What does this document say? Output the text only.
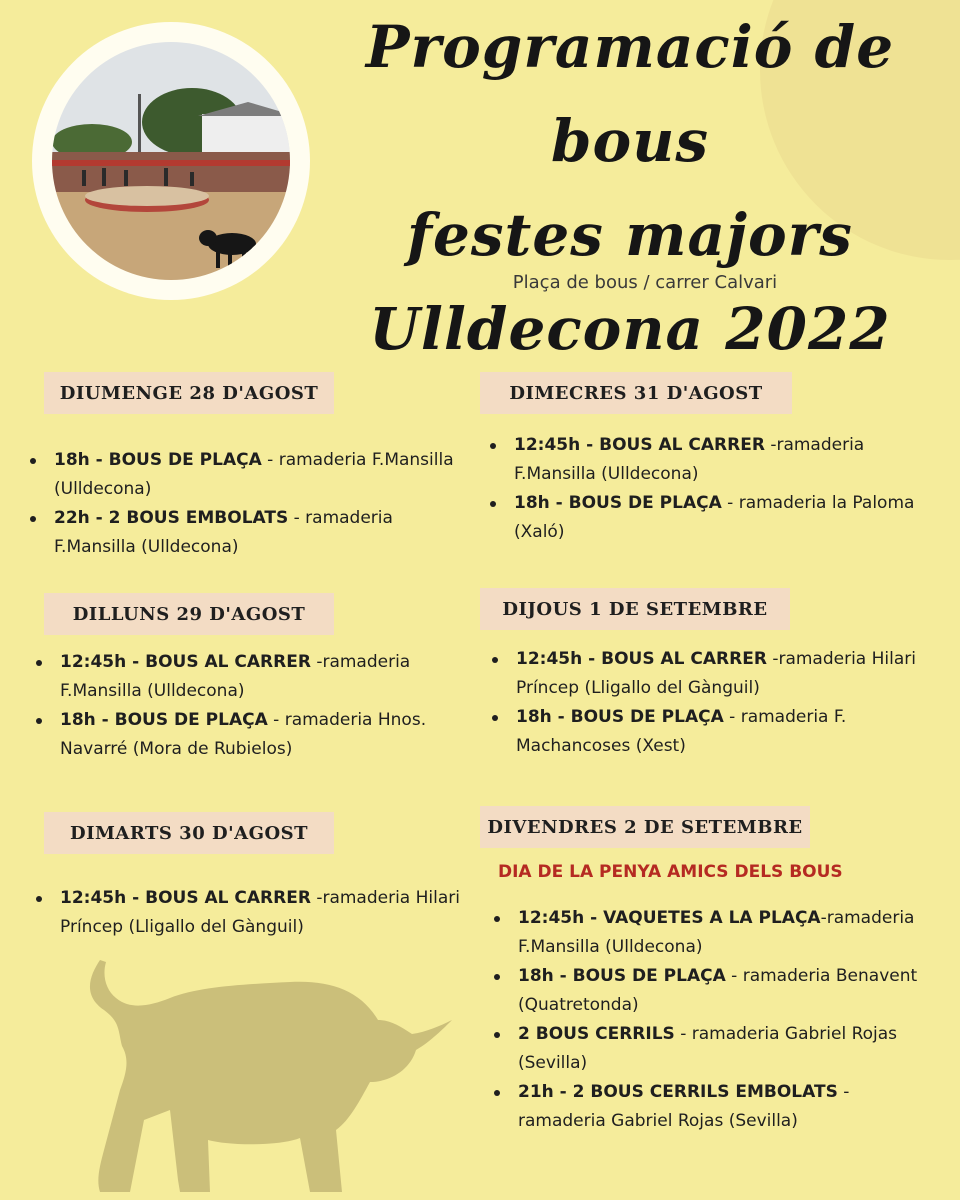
Programació de bous
festes majors
Ulldecona 2022
Plaça de bous / carrer Calvari
DIUMENGE 28 D'AGOST
18h - BOUS DE PLAÇA - ramaderia F.Mansilla (Ulldecona)
22h - 2 BOUS EMBOLATS - ramaderia F.Mansilla (Ulldecona)
DILLUNS 29 D'AGOST
12:45h - BOUS AL CARRER -ramaderia F.Mansilla (Ulldecona)
18h - BOUS DE PLAÇA - ramaderia Hnos. Navarré (Mora de Rubielos)
DIMARTS 30 D'AGOST
12:45h - BOUS AL CARRER -ramaderia Hilari Príncep (Lligallo del Gànguil)
DIMECRES 31 D'AGOST
12:45h - BOUS AL CARRER -ramaderia F.Mansilla (Ulldecona)
18h - BOUS DE PLAÇA - ramaderia la Paloma (Xaló)
DIJOUS 1 DE SETEMBRE
12:45h - BOUS AL CARRER -ramaderia Hilari Príncep (Lligallo del Gànguil)
18h - BOUS DE PLAÇA - ramaderia F. Machancoses (Xest)
DIVENDRES 2 DE SETEMBRE
DIA DE LA PENYA AMICS DELS BOUS
12:45h - VAQUETES A LA PLAÇA-ramaderia F.Mansilla (Ulldecona)
18h - BOUS DE PLAÇA - ramaderia Benavent (Quatretonda)
2 BOUS CERRILS - ramaderia Gabriel Rojas (Sevilla)
21h - 2 BOUS CERRILS EMBOLATS - ramaderia Gabriel Rojas (Sevilla)
